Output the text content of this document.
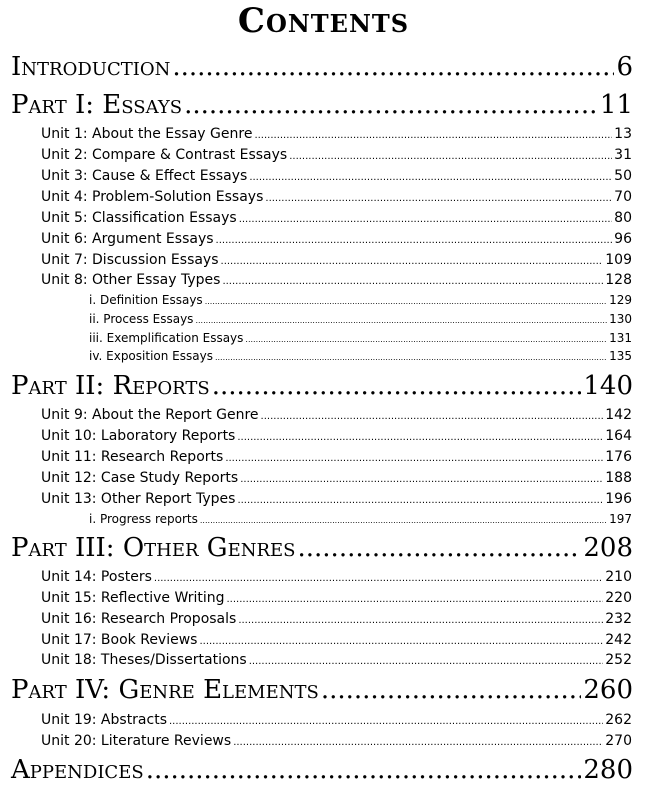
Contents
Introduction .....	6
Part I: Essays .....	11
Unit 1: About the Essay Genre .....	13
Unit 2: Compare & Contrast Essays .....	31
Unit 3: Cause & Effect Essays .....	50
Unit 4: Problem-Solution Essays .....	70
Unit 5: Classification Essays .....	80
Unit 6: Argument Essays .....	96
Unit 7: Discussion Essays .....	109
Unit 8: Other Essay Types .....	128
i. Definition Essays .....	129
ii. Process Essays .....	130
iii. Exemplification Essays .....	131
iv. Exposition Essays .....	135
Part II: Reports .....	140
Unit 9: About the Report Genre .....	142
Unit 10: Laboratory Reports .....	164
Unit 11: Research Reports .....	176
Unit 12: Case Study Reports .....	188
Unit 13: Other Report Types .....	196
i. Progress reports .....	197
Part III: Other Genres .....	208
Unit 14: Posters .....	210
Unit 15: Reflective Writing .....	220
Unit 16: Research Proposals .....	232
Unit 17: Book Reviews .....	242
Unit 18: Theses/Dissertations .....	252
Part IV: Genre Elements .....	260
Unit 19: Abstracts .....	262
Unit 20: Literature Reviews .....	270
Appendices .....	280
